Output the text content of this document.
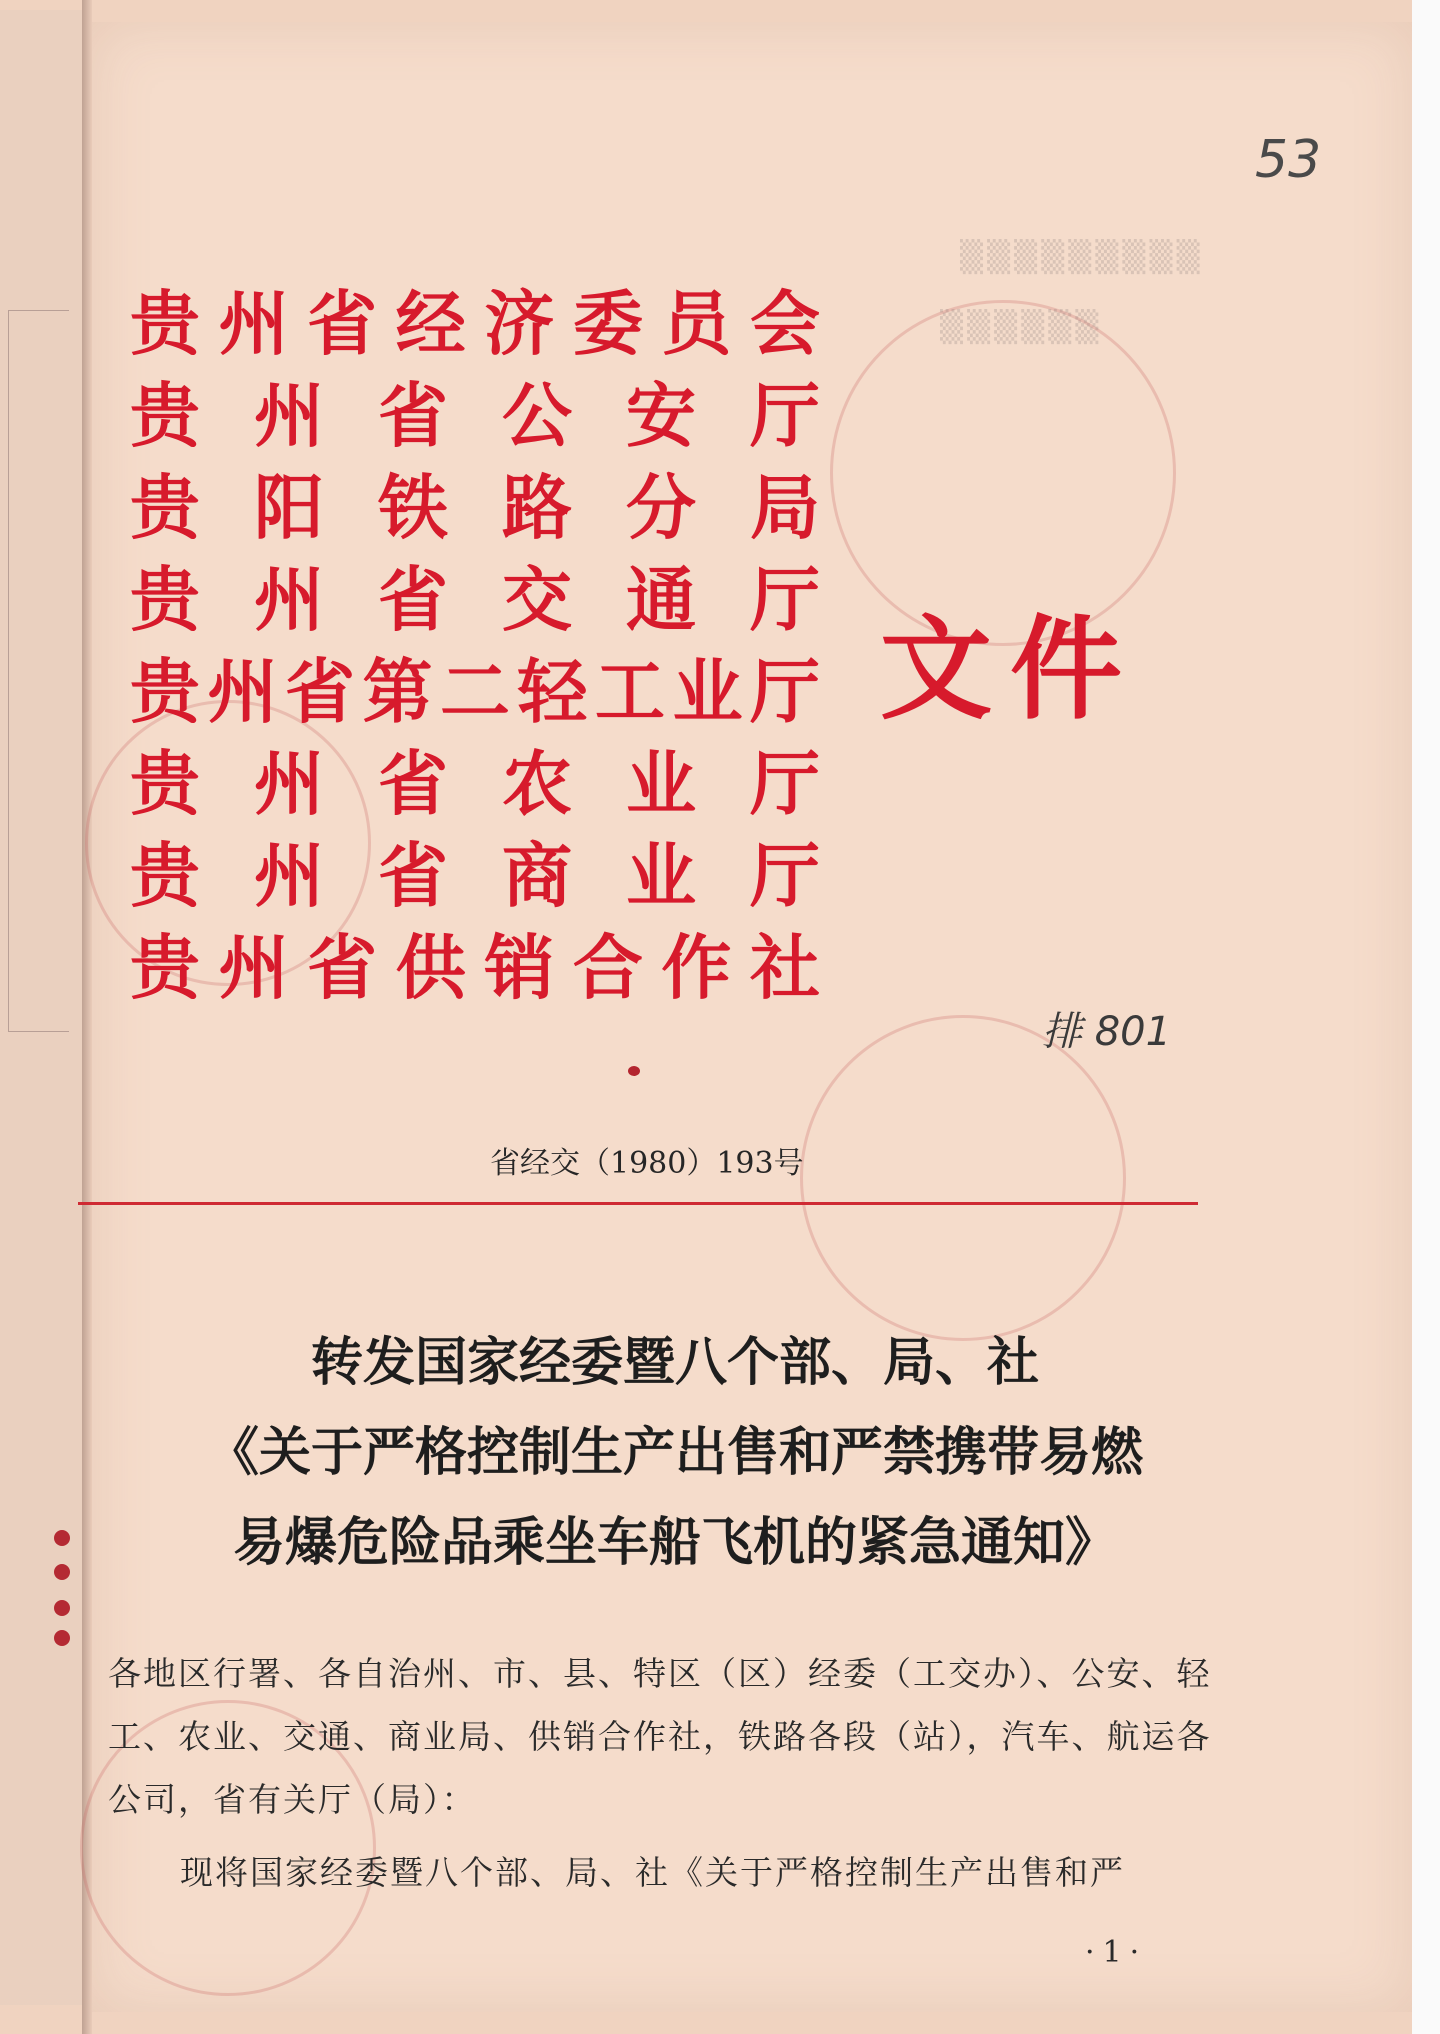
▒▒▒▒▒▒▒▒▒
▒▒▒▒▒▒
53
排 801
贵州省经济委员会
贵州省公安厅
贵阳铁路分局
贵州省交通厅
贵州省第二轻工业厅
贵州省农业厅
贵州省商业厅
贵州省供销合作社
文件
省经交（1980）193号
转发国家经委暨八个部、局、社
《关于严格控制生产出售和严禁携带易燃
易爆危险品乘坐车船飞机的紧急通知》

各地区行署、各自治州、市、县、特区（区）经委（工交办）、公安、轻工、农业、交通、商业局、供销合作社，铁路各段（站），汽车、航运各公司，省有关厅（局）：

现将国家经委暨八个部、局、社《关于严格控制生产出售和严

·1·
